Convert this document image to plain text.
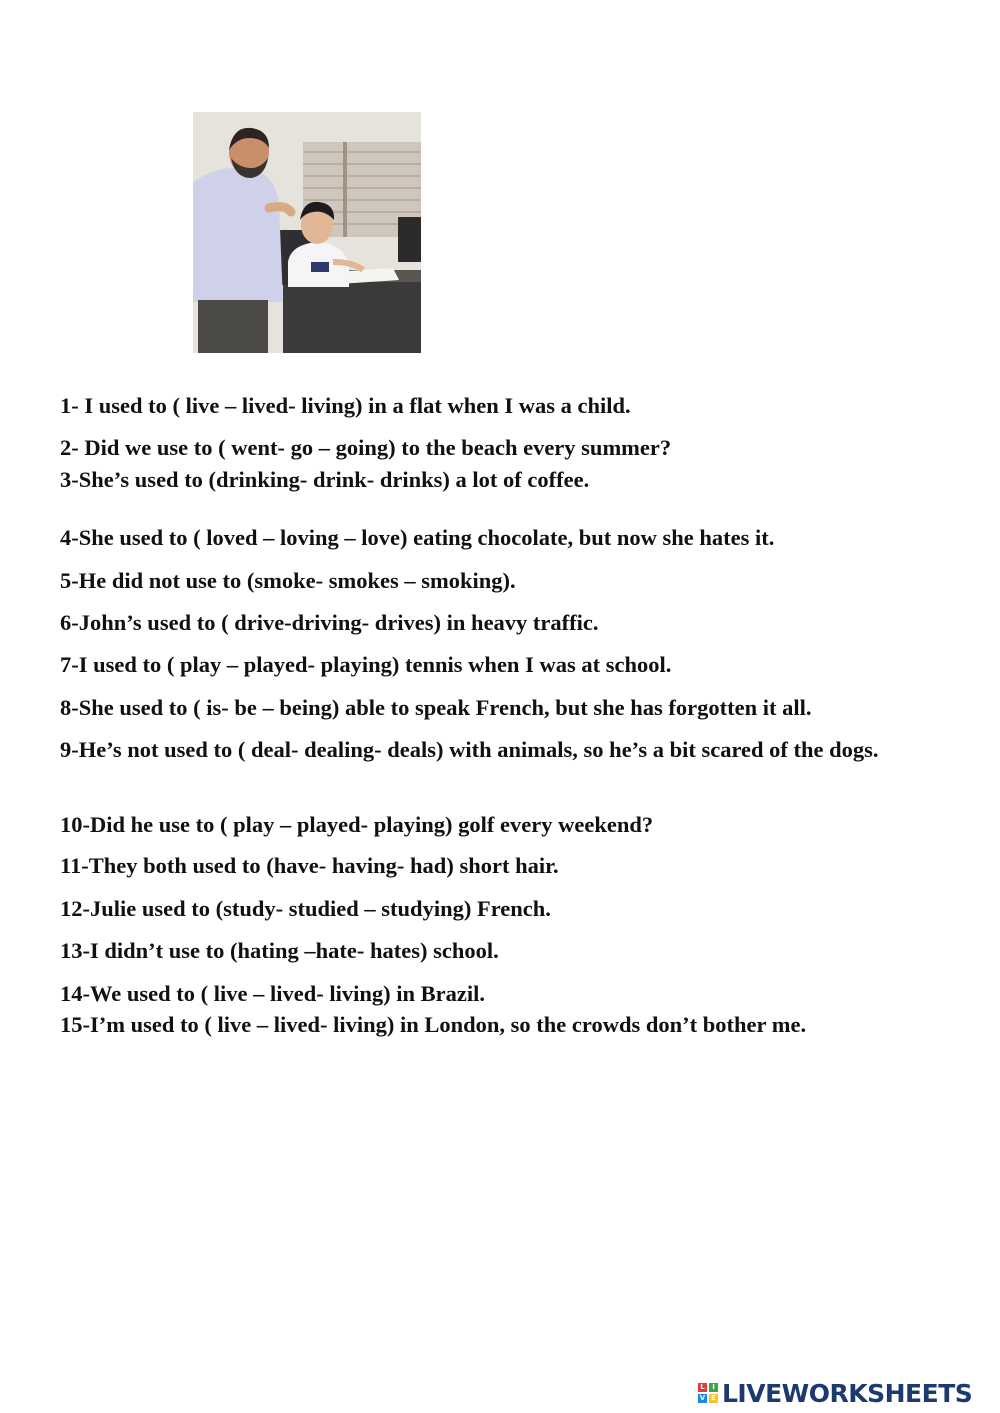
1- I used to ( live – lived- living) in a flat when I was a child.
2- Did we use to ( went- go – going) to the beach every summer?
3-She’s used to (drinking- drink- drinks) a lot of coffee.
4-She used to ( loved – loving – love) eating chocolate, but now she hates it.
5-He did not use to (smoke- smokes – smoking).
6-John’s used to ( drive-driving- drives) in heavy traffic.
7-I used to ( play – played- playing) tennis when I was at school.
8-She used to ( is- be – being) able to speak French, but she has forgotten it all.
9-He’s not used to ( deal- dealing- deals) with animals, so he’s a bit scared of the dogs.
10-Did he use to ( play – played- playing) golf every weekend?
11-They both used to (have- having- had) short hair.
12-Julie used to (study- studied – studying) French.
13-I didn’t use to (hating –hate- hates) school.
14-We used to ( live – lived- living) in Brazil.
15-I’m used to ( live – lived- living) in London, so the crowds don’t bother me.
L	I
V E LIVEWORKSHEETS
